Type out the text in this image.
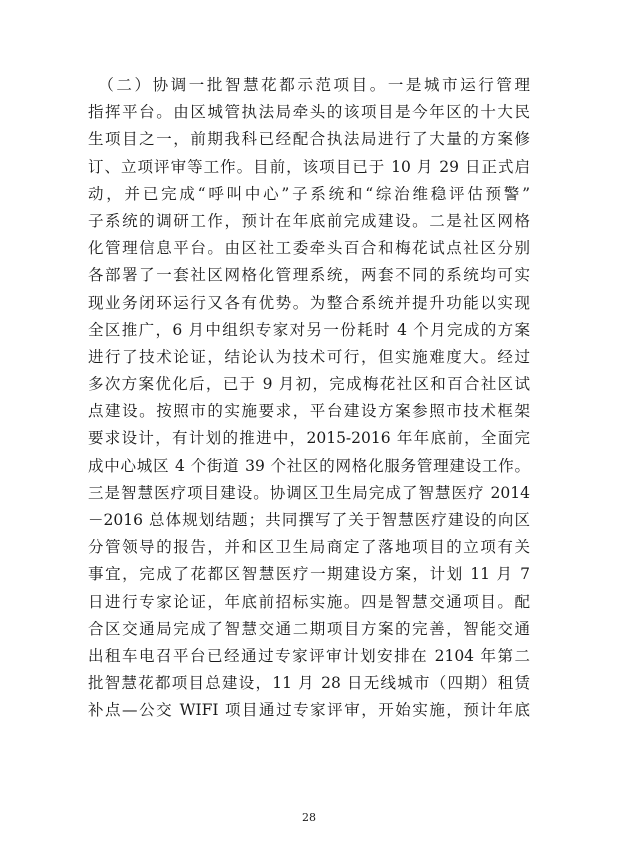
　（二）协调一批智慧花都示范项目。一是城市运行管理
指挥平台。由区城管执法局牵头的该项目是今年区的十大民
生项目之一，前期我科已经配合执法局进行了大量的方案修
订、立项评审等工作。目前，该项目已于 10 月 29 日正式启
动，并已完成“呼叫中心”子系统和“综治维稳评估预警”
子系统的调研工作，预计在年底前完成建设。二是社区网格
化管理信息平台。由区社工委牵头百合和梅花试点社区分别
各部署了一套社区网格化管理系统，两套不同的系统均可实
现业务闭环运行又各有优势。为整合系统并提升功能以实现
全区推广，6 月中组织专家对另一份耗时 4 个月完成的方案
进行了技术论证，结论认为技术可行，但实施难度大。经过
多次方案优化后，已于 9 月初，完成梅花社区和百合社区试
点建设。按照市的实施要求，平台建设方案参照市技术框架
要求设计，有计划的推进中，2015-2016 年年底前，全面完
成中心城区 4 个街道 39 个社区的网格化服务管理建设工作。
三是智慧医疗项目建设。协调区卫生局完成了智慧医疗 2014
－2016 总体规划结题；共同撰写了关于智慧医疗建设的向区
分管领导的报告，并和区卫生局商定了落地项目的立项有关
事宜，完成了花都区智慧医疗一期建设方案，计划 11 月 7
日进行专家论证，年底前招标实施。四是智慧交通项目。配
合区交通局完成了智慧交通二期项目方案的完善，智能交通
出租车电召平台已经通过专家评审计划安排在 2104 年第二
批智慧花都项目总建设，11 月 28 日无线城市（四期）租赁
补点—公交 WIFI 项目通过专家评审，开始实施，预计年底
28
